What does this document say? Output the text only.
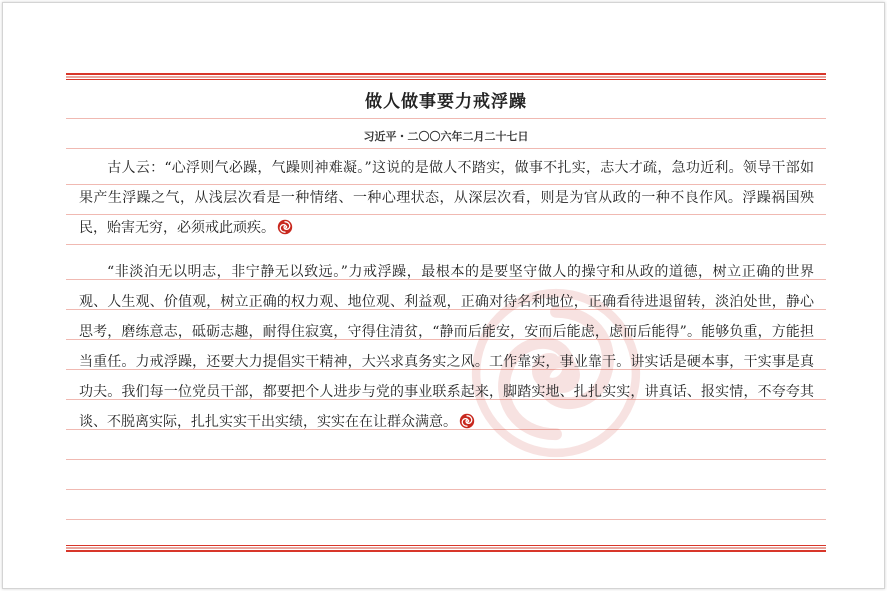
做人做事要力戒浮躁
习近平・二〇〇六年二月二十七日
古人云：“心浮则气必躁，气躁则神难凝。”这说的是做人不踏实，做事不扎实，志大才疏，急功近利。领导干部如果产生浮躁之气，从浅层次看是一种情绪、一种心理状态，从深层次看，则是为官从政的一种不良作风。浮躁祸国殃民，贻害无穷，必须戒此顽疾。
“非淡泊无以明志，非宁静无以致远。”力戒浮躁，最根本的是要坚守做人的操守和从政的道德，树立正确的世界观、人生观、价值观，树立正确的权力观、地位观、利益观，正确对待名利地位，正确看待进退留转，淡泊处世，静心思考，磨练意志，砥砺志趣，耐得住寂寞，守得住清贫，“静而后能安，安而后能虑，虑而后能得”。能够负重，方能担当重任。力戒浮躁，还要大力提倡实干精神，大兴求真务实之风。工作靠实，事业靠干。讲实话是硬本事，干实事是真功夫。我们每一位党员干部，都要把个人进步与党的事业联系起来，脚踏实地、扎扎实实，讲真话、报实情，不夸夸其谈、不脱离实际，扎扎实实干出实绩，实实在在让群众满意。
